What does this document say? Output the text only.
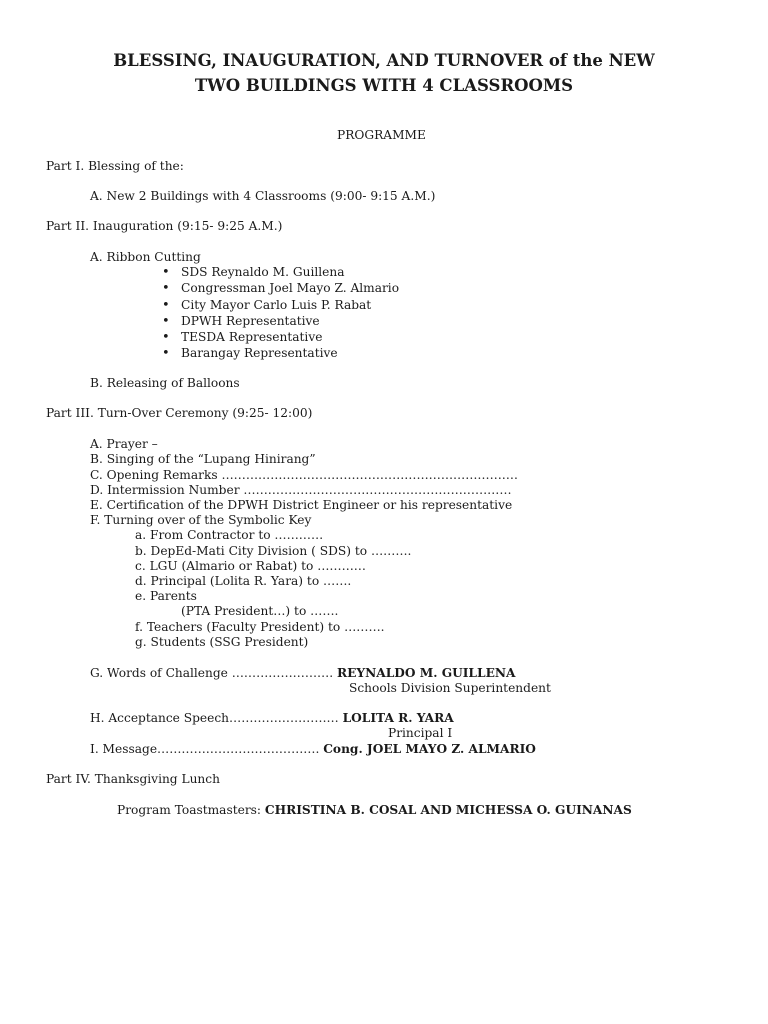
BLESSING, INAUGURATION, AND TURNOVER of the NEW
TWO BUILDINGS WITH 4 CLASSROOMS
PROGRAMME
Part I. Blessing of the:
A. New 2 Buildings with 4 Classrooms (9:00- 9:15 A.M.)
Part II. Inauguration (9:15- 9:25 A.M.)
A. Ribbon Cutting
• SDS Reynaldo M. Guillena
• Congressman Joel Mayo Z. Almario
• City Mayor Carlo Luis P. Rabat
• DPWH Representative
• TESDA Representative
• Barangay Representative
B. Releasing of Balloons
Part III. Turn-Over Ceremony (9:25- 12:00)
A. Prayer –
B. Singing of the “Lupang Hinirang”
C. Opening Remarks ……………………………………………………………….
D. Intermission Number …………………………………………………………
E. Certification of the DPWH District Engineer or his representative
F. Turning over of the Symbolic Key
a. From Contractor to …………
b. DepEd-Mati City Division ( SDS) to ……….
c. LGU (Almario or Rabat) to …………
d. Principal (Lolita R. Yara) to …….
e. Parents
(PTA President…) to …….
f. Teachers (Faculty President) to ……….
g. Students (SSG President)
G. Words of Challenge ……………………. REYNALDO M. GUILLENA
Schools Division Superintendent
H. Acceptance Speech……………………… LOLITA R. YARA
Principal I
I. Message…………………………………. Cong. JOEL MAYO Z. ALMARIO
Part IV. Thanksgiving Lunch
Program Toastmasters: CHRISTINA B. COSAL AND MICHESSA O. GUINANAS
